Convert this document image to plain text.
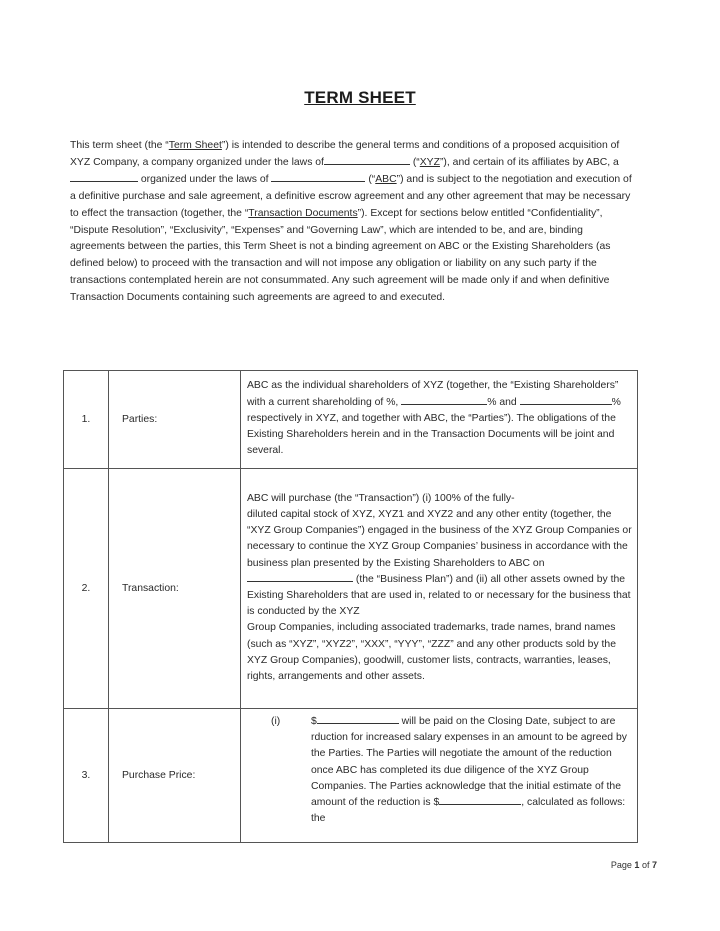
TERM SHEET
This term sheet (the “Term Sheet”) is intended to describe the general terms and conditions of a proposed acquisition of XYZ Company, a company organized under the laws of	(“XYZ”), and certain of its affiliates by ABC, a  organized under the laws of	(“ABC”) and is subject to the negotiation and execution of a definitive purchase and sale agreement, a definitive escrow agreement and any other agreement that may be necessary to effect the transaction (together, the “Transaction Documents”). Except for sections below entitled “Confidentiality”, “Dispute Resolution”, “Exclusivity”, “Expenses” and “Governing Law”, which are intended to be, and are, binding agreements between the parties, this Term Sheet is not a binding agreement on ABC or the Existing Shareholders (as defined below) to proceed with the transaction and will not impose any obligation or liability on any such party if the transactions contemplated herein are not consummated. Any such agreement will be made only if and when definitive Transaction Documents containing such agreements are agreed to and executed.
1.	Parties:	ABC as the individual shareholders of XYZ (together, the “Existing Shareholders” with a current shareholding of %, % and % respectively in XYZ, and together with ABC, the “Parties”). The obligations of the Existing Shareholders herein and in the Transaction Documents will be joint and several.
2.	Transaction:	ABC will purchase (the “Transaction”) (i) 100% of the fully-
diluted capital stock of XYZ, XYZ1 and XYZ2 and any other entity (together, the “XYZ Group Companies”) engaged in the business of the XYZ Group Companies or necessary to continue the XYZ Group Companies’ business in accordance with the business plan presented by the Existing Shareholders to ABC on  (the “Business Plan”) and (ii) all other assets owned by the Existing Shareholders that are used in, related to or necessary for the business that is conducted by the XYZ
Group Companies, including associated trademarks, trade names, brand names (such as “XYZ”, “XYZ2”, “XXX”, “YYY”, “ZZZ” and any other products sold by the XYZ Group Companies), goodwill, customer lists, contracts, warranties, leases, rights, arrangements and other assets.
3.	Purchase Price:	(i) $ will be paid on the Closing Date, subject to are rduction for increased salary expenses in an amount to be agreed by the Parties. The Parties will negotiate the amount of the reduction once ABC has completed its due diligence of the XYZ Group Companies. The Parties acknowledge that the initial estimate of the amount of the reduction is $ , calculated as follows: the
Page 1 of 7
